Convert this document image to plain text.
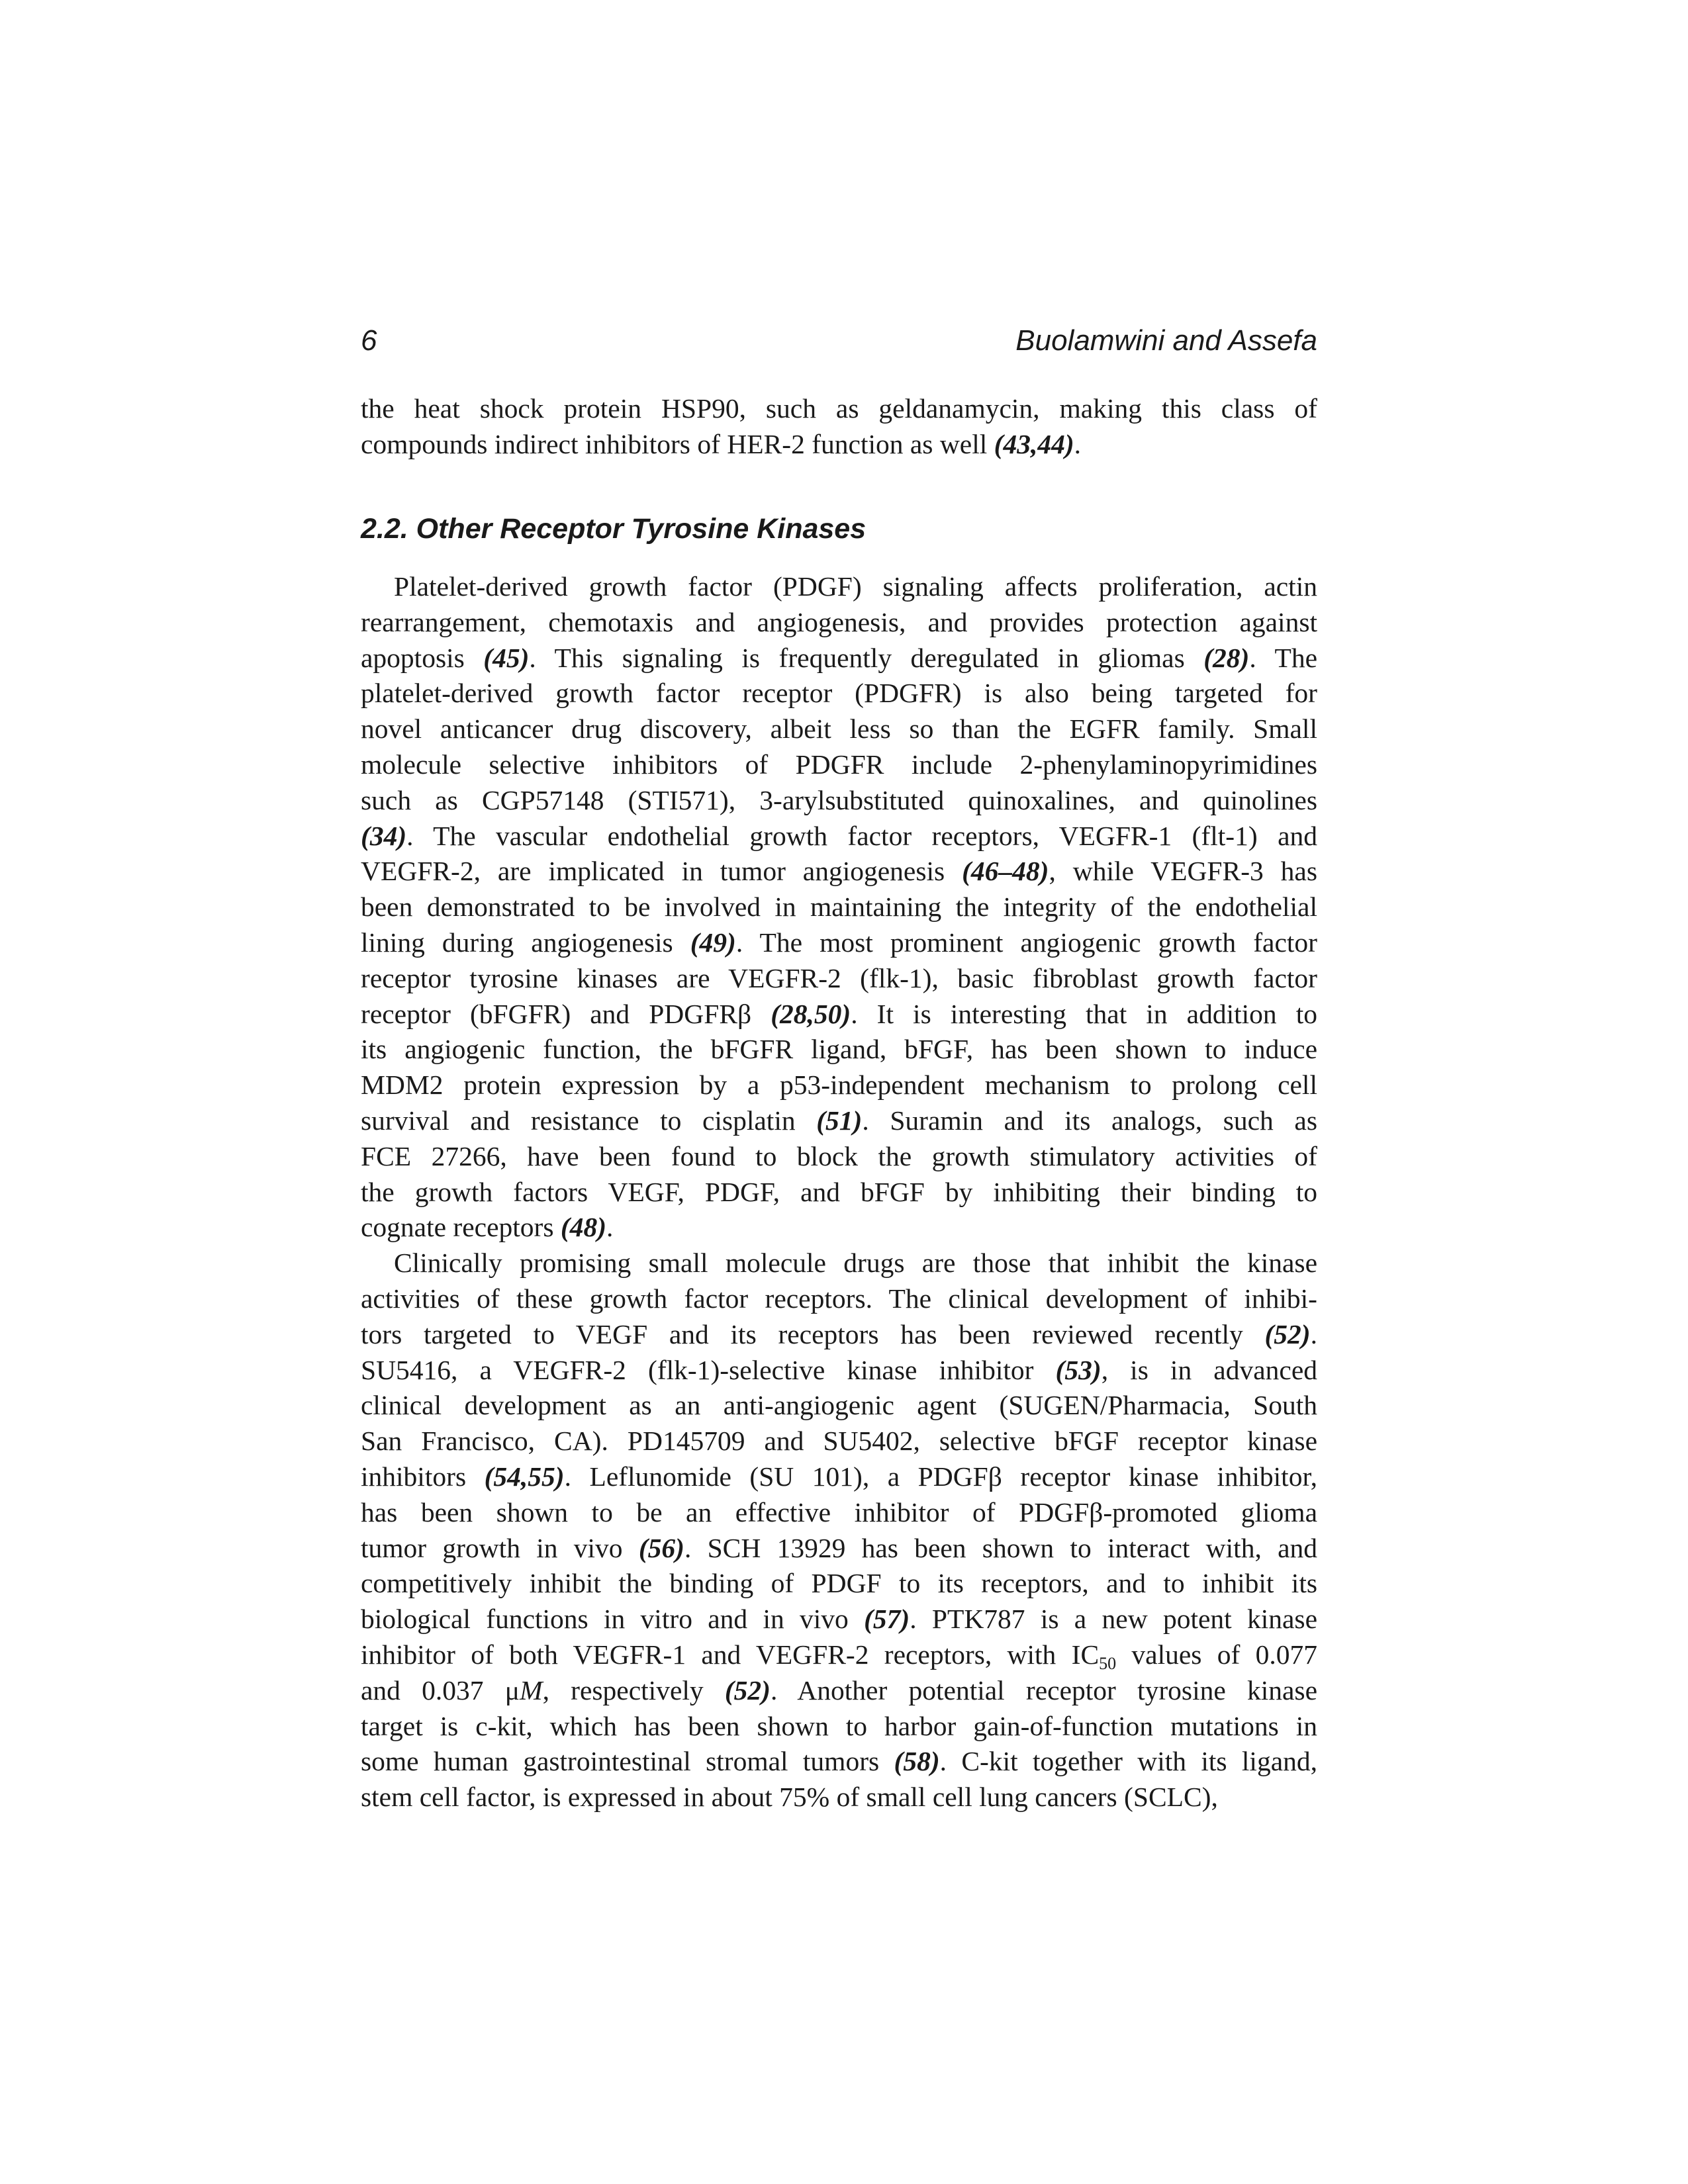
6	Buolamwini and Assefa
the heat shock protein HSP90, such as geldanamycin, making this class of
compounds indirect inhibitors of HER-2 function as well (43,44).
2.2. Other Receptor Tyrosine Kinases
Platelet-derived growth factor (PDGF) signaling affects proliferation, actin
rearrangement, chemotaxis and angiogenesis, and provides protection against
apoptosis (45). This signaling is frequently deregulated in gliomas (28). The
platelet-derived growth factor receptor (PDGFR) is also being targeted for
novel anticancer drug discovery, albeit less so than the EGFR family. Small
molecule selective inhibitors of PDGFR include 2-phenylaminopyrimidines
such as CGP57148 (STI571), 3-arylsubstituted quinoxalines, and quinolines
(34). The vascular endothelial growth factor receptors, VEGFR-1 (flt-1) and
VEGFR-2, are implicated in tumor angiogenesis (46–48), while VEGFR-3 has
been demonstrated to be involved in maintaining the integrity of the endothelial
lining during angiogenesis (49). The most prominent angiogenic growth factor
receptor tyrosine kinases are VEGFR-2 (flk-1), basic fibroblast growth factor
receptor (bFGFR) and PDGFRβ (28,50). It is interesting that in addition to
its angiogenic function, the bFGFR ligand, bFGF, has been shown to induce
MDM2 protein expression by a p53-independent mechanism to prolong cell
survival and resistance to cisplatin (51). Suramin and its analogs, such as
FCE 27266, have been found to block the growth stimulatory activities of
the growth factors VEGF, PDGF, and bFGF by inhibiting their binding to
cognate receptors (48).
Clinically promising small molecule drugs are those that inhibit the kinase
activities of these growth factor receptors. The clinical development of inhibi-
tors targeted to VEGF and its receptors has been reviewed recently (52).
SU5416, a VEGFR-2 (flk-1)-selective kinase inhibitor (53), is in advanced
clinical development as an anti-angiogenic agent (SUGEN/Pharmacia, South
San Francisco, CA). PD145709 and SU5402, selective bFGF receptor kinase
inhibitors (54,55). Leflunomide (SU 101), a PDGFβ receptor kinase inhibitor,
has been shown to be an effective inhibitor of PDGFβ-promoted glioma
tumor growth in vivo (56). SCH 13929 has been shown to interact with, and
competitively inhibit the binding of PDGF to its receptors, and to inhibit its
biological functions in vitro and in vivo (57). PTK787 is a new potent kinase
inhibitor of both VEGFR-1 and VEGFR-2 receptors, with $IC_{50}$ values of 0.077
and 0.037 μM, respectively (52). Another potential receptor tyrosine kinase
target is c-kit, which has been shown to harbor gain-of-function mutations in
some human gastrointestinal stromal tumors (58). C-kit together with its ligand,
stem cell factor, is expressed in about 75% of small cell lung cancers (SCLC),
